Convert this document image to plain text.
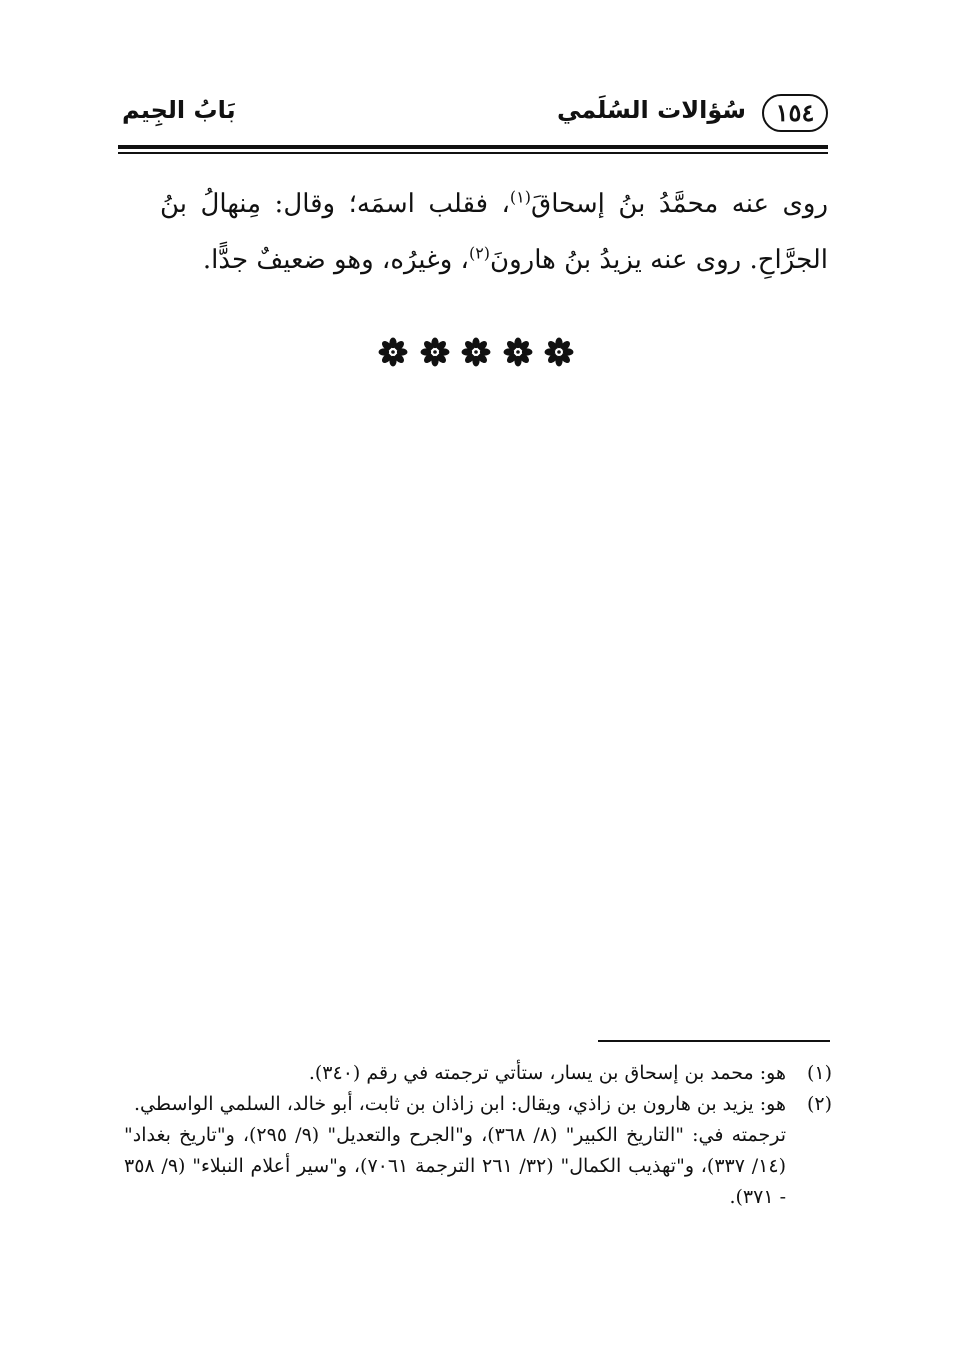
١٥٤
سُؤالات السُلَمي
بَابُ الجِيم
روى عنه محمَّدُ بنُ إسحاقَ$^{(١)}$، فقلب اسمَه؛ وقال: مِنهالُ بنُ الجرَّاحِ. روى عنه يزيدُ بنُ هارونَ$^{(٢)}$، وغيرُه، وهو ضعيفٌ جدًّا.
(١)
هو: محمد بن إسحاق بن يسار، ستأتي ترجمته في رقم (٣٤٠).
(٢)
هو: يزيد بن هارون بن زاذي، ويقال: ابن زاذان بن ثابت، أبو خالد، السلمي الواسطي.
ترجمته في: "التاريخ الكبير" (٨/ ٣٦٨)، و"الجرح والتعديل" (٩/ ٢٩٥)، و"تاريخ بغداد" (١٤/ ٣٣٧)، و"تهذيب الكمال" (٣٢/ ٢٦١ الترجمة ٧٠٦١)، و"سير أعلام النبلاء" (٩/ ٣٥٨ - ٣٧١).
